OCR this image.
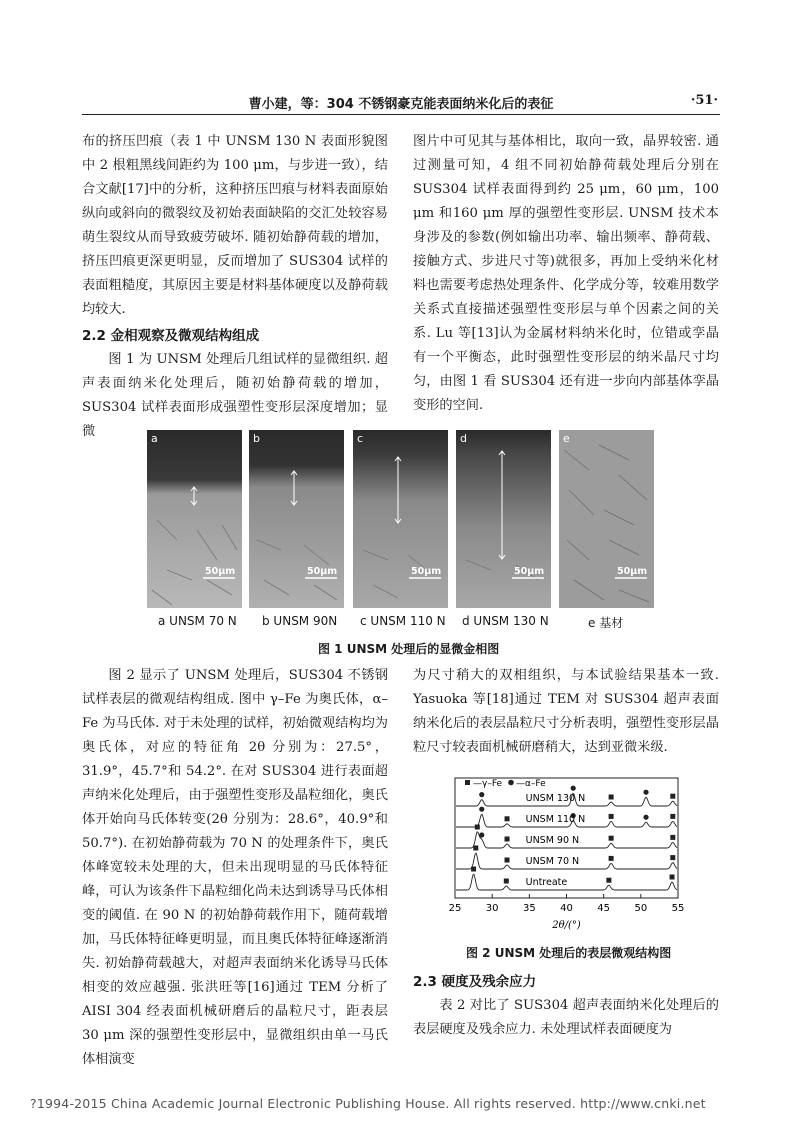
曹小建，等：304 不锈钢豪克能表面纳米化后的表征	·51·

布的挤压凹痕（表 1 中 UNSM 130 N 表面形貌图中 2 根粗黑线间距约为 100 μm，与步进一致），结合文献[17]中的分析，这种挤压凹痕与材料表面原始纵向或斜向的微裂纹及初始表面缺陷的交汇处较容易萌生裂纹从而导致疲劳破坏. 随初始静荷载的增加，挤压凹痕更深更明显，反而增加了 SUS304 试样的表面粗糙度，其原因主要是材料基体硬度以及静荷载均较大.

2.2 金相观察及微观结构组成

图 1 为 UNSM 处理后几组试样的显微组织. 超声表面纳米化处理后，随初始静荷载的增加，SUS304 试样表面形成强塑性变形层深度增加；显微

图片中可见其与基体相比，取向一致，晶界较密. 通过测量可知，4 组不同初始静荷载处理后分别在 SUS304 试样表面得到约 25 μm，60 μm，100 μm 和160 μm 厚的强塑性变形层. UNSM 技术本身涉及的参数(例如输出功率、输出频率、静荷载、接触方式、步进尺寸等)就很多，再加上受纳米化材料也需要考虑热处理条件、化学成分等，较难用数学关系式直接描述强塑性变形层与单个因素之间的关系. Lu 等[13]认为金属材料纳米化时，位错或孪晶有一个平衡态，此时强塑性变形层的纳米晶尺寸均匀，由图 1 看 SUS304 还有进一步向内部基体孪晶变形的空间.

a
50μm
b
50μm
c
50μm
d
50μm
e
50μm
a UNSM 70 N b UNSM 90N c UNSM 110 N d UNSM 130 N	e 基材
图 1 UNSM 处理后的显微金相图

图 2 显示了 UNSM 处理后，SUS304 不锈钢试样表层的微观结构组成. 图中 γ–Fe 为奥氏体，α–Fe 为马氏体. 对于未处理的试样，初始微观结构均为奥氏体，对应的特征角 2θ 分别为：27.5°，31.9°，45.7°和 54.2°. 在对 SUS304 进行表面超声纳米化处理后，由于强塑性变形及晶粒细化，奥氏体开始向马氏体转变(2θ 分别为：28.6°，40.9°和 50.7°). 在初始静荷载为 70 N 的处理条件下，奥氏体峰宽较未处理的大，但未出现明显的马氏体特征峰，可认为该条件下晶粒细化尚未达到诱导马氏体相变的阈值. 在 90 N 的初始静荷载作用下，随荷载增加，马氏体特征峰更明显，而且奥氏体特征峰逐渐消失. 初始静荷载越大，对超声表面纳米化诱导马氏体相变的效应越强. 张洪旺等[16]通过 TEM 分析了 AISI 304 经表面机械研磨后的晶粒尺寸，距表层 30 μm 深的强塑性变形层中，显微组织由单一马氏体相演变

为尺寸稍大的双相组织，与本试验结果基本一致. Yasuoka 等[18]通过 TEM 对 SUS304 超声表面纳米化后的表层晶粒尺寸分析表明，强塑性变形层晶粒尺寸较表面机械研磨稍大，达到亚微米级.

25 30 35 40 45 50 55
2θ/(°)
—γ–Fe —α–Fe
UNSM 130 N
UNSM 110 N
UNSM 90 N
UNSM 70 N
Untreate
图 2 UNSM 处理后的表层微观结构图

2.3 硬度及残余应力

表 2 对比了 SUS304 超声表面纳米化处理后的表层硬度及残余应力. 未处理试样表面硬度为

?1994-2015 China Academic Journal Electronic Publishing House. All rights reserved. http://www.cnki.net
